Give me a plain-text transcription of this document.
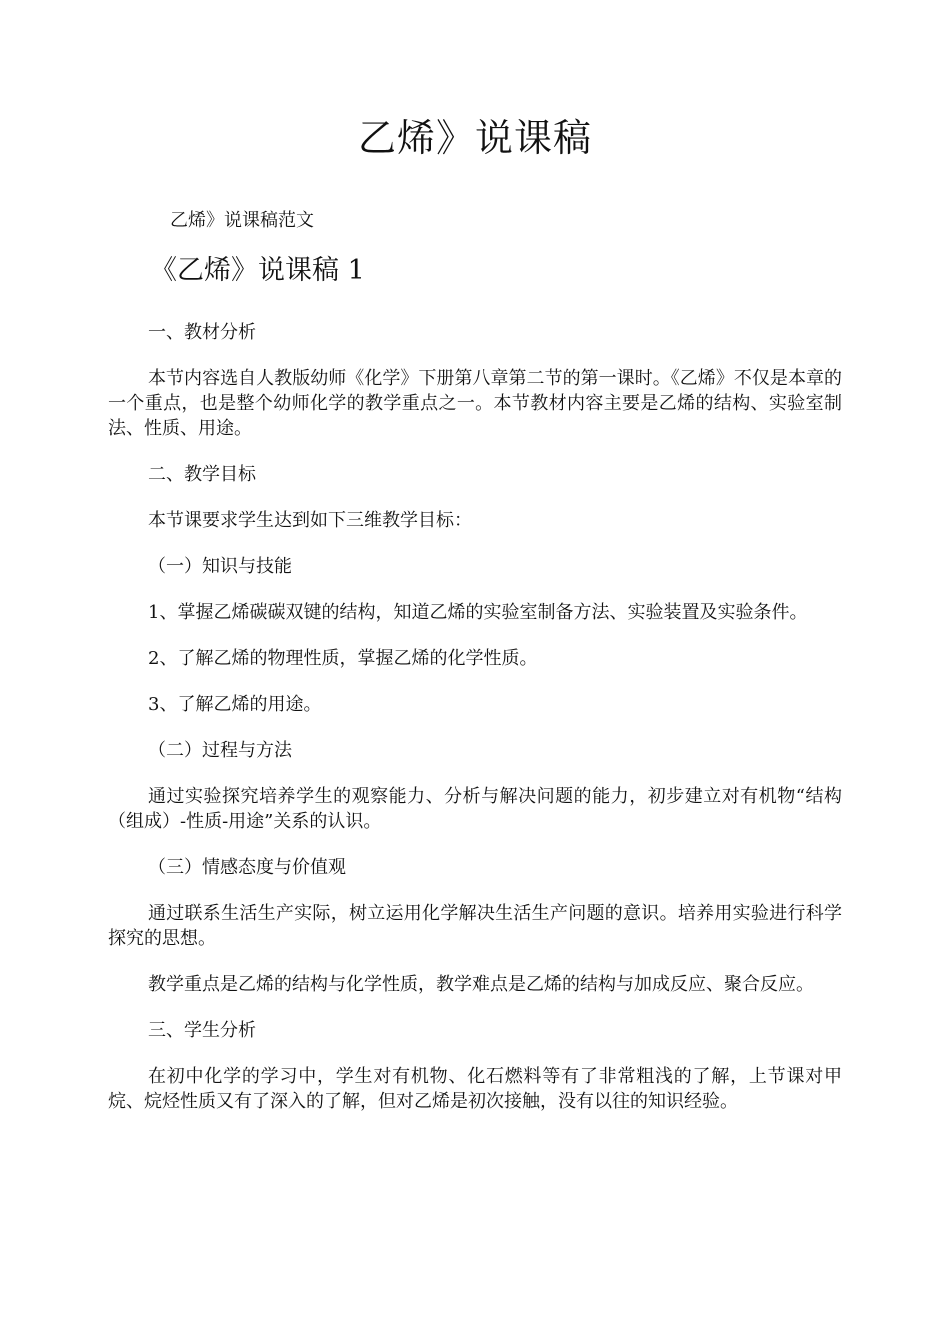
乙烯》说课稿
乙烯》说课稿范文
《乙烯》说课稿 1

一、教材分析

本节内容选自人教版幼师《化学》下册第八章第二节的第一课时。《乙烯》不仅是本章的一个重点，也是整个幼师化学的教学重点之一。本节教材内容主要是乙烯的结构、实验室制法、性质、用途。

二、教学目标

本节课要求学生达到如下三维教学目标：

（一）知识与技能

1、掌握乙烯碳碳双键的结构，知道乙烯的实验室制备方法、实验装置及实验条件。

2、了解乙烯的物理性质，掌握乙烯的化学性质。

3、了解乙烯的用途。

（二）过程与方法

通过实验探究培养学生的观察能力、分析与解决问题的能力，初步建立对有机物“结构（组成）-性质-用途”关系的认识。

（三）情感态度与价值观

通过联系生活生产实际，树立运用化学解决生活生产问题的意识。培养用实验进行科学探究的思想。

教学重点是乙烯的结构与化学性质，教学难点是乙烯的结构与加成反应、聚合反应。

三、学生分析

在初中化学的学习中，学生对有机物、化石燃料等有了非常粗浅的了解，上节课对甲烷、烷烃性质又有了深入的了解，但对乙烯是初次接触，没有以往的知识经验。
